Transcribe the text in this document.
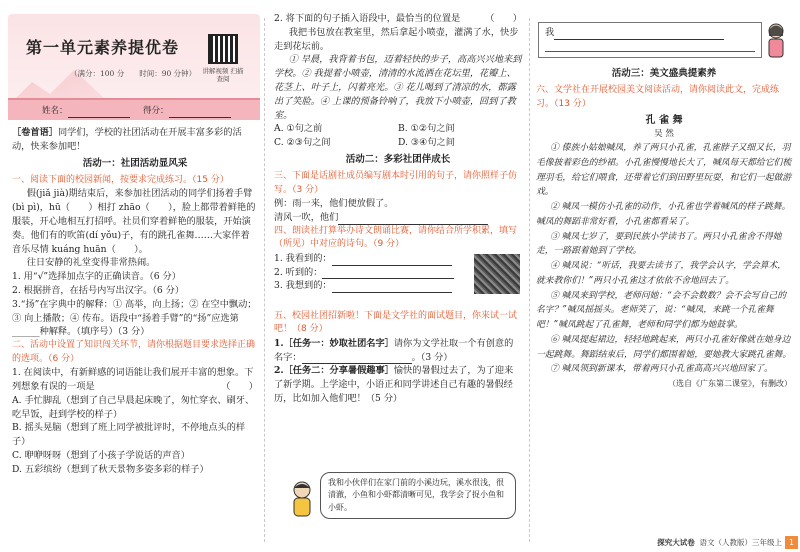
第一单元素养提优卷
（满分：100 分　　时间：90 分钟） 讲解视频 扫描查阅
姓名：	得分：

［卷首语］同学们，学校的社团活动在开展丰富多彩的活动，快来参加吧！

活动一：社团活动显风采

一、阅读下面的校园新闻，按要求完成练习。（15 分）

假(jiǎ jià)期结束后，来参加社团活动的同学们扬着手臂(bì pì)，hū（　　）相打 zhāo（　　），脸上都带着鲜艳的服装，开心地相互打招呼。社员们穿着鲜艳的服装，开始演奏。他们有的吹笛(dí yǒu)子，有的跳孔雀舞……大家伴着音乐尽情 kuáng huān（　　）。

往日安静的礼堂变得非常热闹。

1. 用“√”选择加点字的正确读音。（6 分）

2. 根据拼音，在括号内写出汉字。（6 分）

3.“扬”在字典中的解释：① 高举，向上扬；② 在空中飘动；③ 向上播散；④ 传布。语段中“扬着手臂”的“扬”应选第

______种解释。（填序号）（3 分）

二、活动中设置了知识闯关环节，请你根据题目要求选择正确的选项。（6 分）

1. 在阅读中，有新鲜感的词语能让我们展开丰富的想象。下列想象有误的一项是	（　　）

A. 手忙脚乱（想到了自己早晨起床晚了，匆忙穿衣、刷牙、吃早饭，赶到学校的样子）

B. 摇头晃脑（想到了班上同学被批评时，不停地点头的样子）

C. 咿咿呀呀（想到了小孩子学说话的声音）

D. 五彩缤纷（想到了秋天景物多姿多彩的样子）

2. 将下面的句子插入语段中，最恰当的位置是	（　　）

我把书包放在教室里，然后拿起小喷壶，灌满了水，快步走到花坛前。

① 早晨，我背着书包，迈着轻快的步子，高高兴兴地来到学校。② 我提着小喷壶，清清的水流洒在花坛里，花瓣上、花茎上、叶子上，闪着亮光。③ 花儿喝到了清凉的水，都露出了笑脸。④ 上课的预备铃响了，我放下小喷壶，回到了教室。

A. ①句之前	B. ①②句之间
C. ②③句之间	D. ③④句之间
活动二：多彩社团伴成长

三、下面是话剧社成员编写剧本时引用的句子，请你照样子仿写。（3 分）

例：雨一来，他们便放假了。

清风一吹，他们

四、朗读社打算举办诗文朗诵比赛，请你结合所学积累，填写（所见）中对应的诗句。（9 分）

1. 我看到的：

2. 听到的：

3. 我想到的：

五、校园社团招新啦！下面是文学社的面试题目，你来试一试吧！（8 分）

1.［任务一：妙取社团名字］请你为文学社取一个有创意的名字：	。（3 分）

2.［任务二：分享暑假趣事］愉快的暑假过去了，为了迎来了新学期。上学途中，小语正和同学讲述自己有趣的暑假经历，比如加入他们吧！（5 分）

我和小伙伴们在家门前的小溪边玩，溪水很浅，很清澈，小鱼和小虾都清晰可见，我学会了捉小鱼和小虾。

我

活动三：美文盛典提素养

六、文学社在开展校园美文阅读活动，请你阅读此文，完成练习。（13 分）

孔 雀 舞

吴 然

① 傣族小姑娘喊凤，养了两只小孔雀，孔雀脖子又细又长，羽毛像披着彩色的纱裙。小孔雀慢慢地长大了，喊凤每天都给它们梳理羽毛，给它们喂食，还带着它们到田野里玩耍，和它们一起做游戏。

② 喊凤一模仿小孔雀的动作，小孔雀也学着喊凤的样子跳舞。喊凤的舞蹈非常好看，小孔雀都看呆了。

③ 喊凤七岁了，要到民族小学读书了。两只小孔雀舍不得她走，一路跟着她到了学校。

④ 喊凤说：“听话，我要去读书了，我学会认字，学会算术，就来教你们！”两只小孔雀这才依依不舍地回去了。

⑤ 喊凤来到学校，老师问她：“会不会数数？会不会写自己的名字？”喊凤摇摇头。老师笑了，说：“喊凤，来跳一个孔雀舞吧！”喊凤跳起了孔雀舞，老师和同学们都为她鼓掌。

⑥ 喊凤提起裙边，轻轻地跳起来，两只小孔雀好像就在她身边一起跳舞。舞蹈结束后，同学们都围着她，要她教大家跳孔雀舞。

⑦ 喊凤领到新课本，带着两只小孔雀高高兴兴地回家了。

（选自《广东第二课堂》，有删改）

探究大试卷 语文（人教版）三年级上 1
